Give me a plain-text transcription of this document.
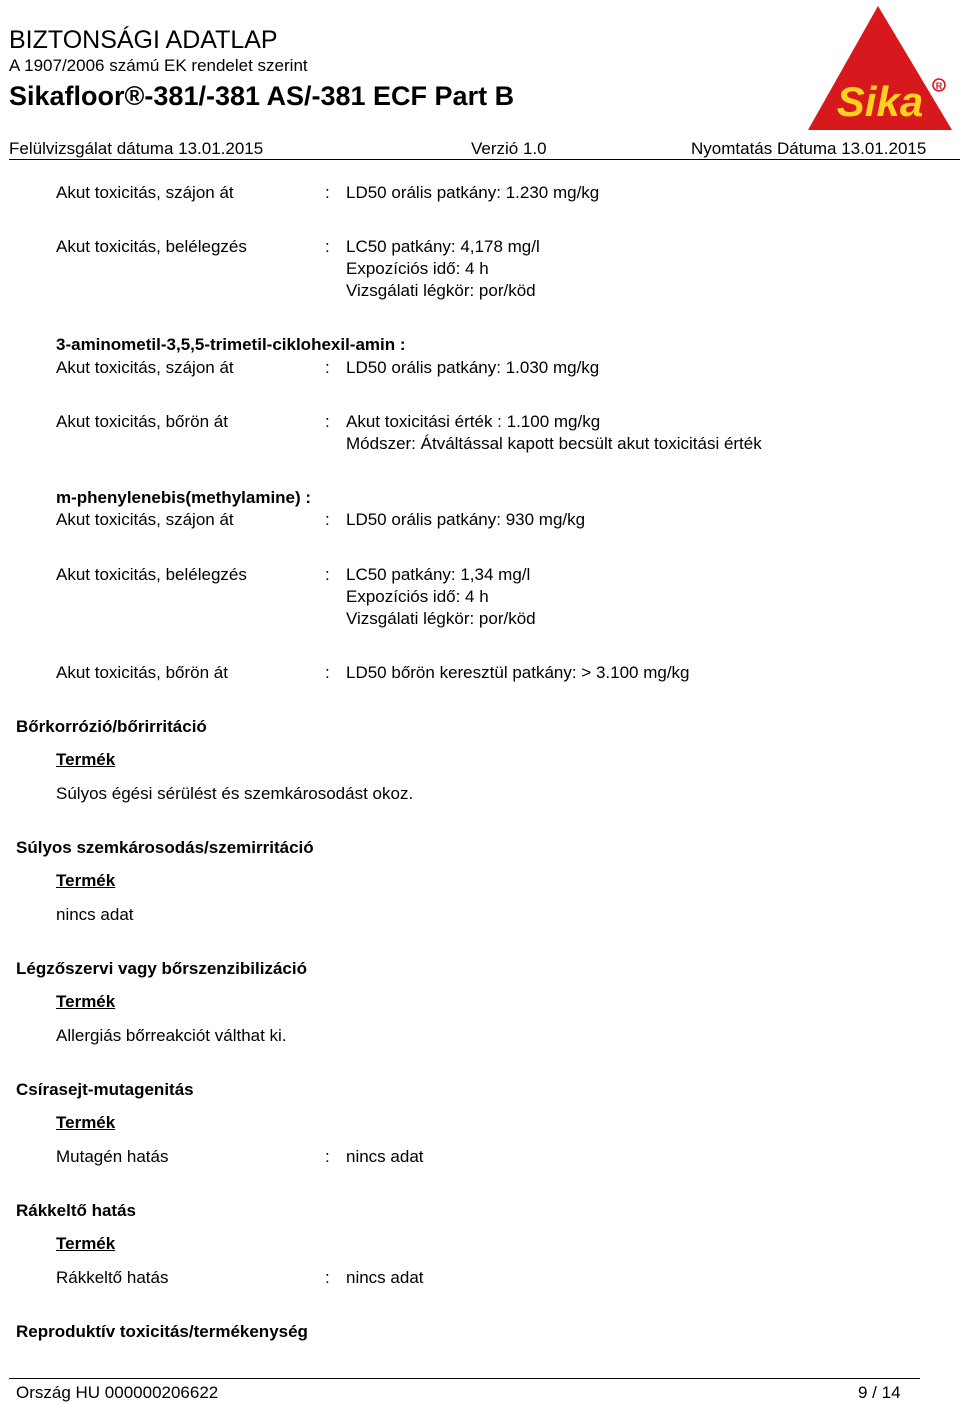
BIZTONSÁGI ADATLAP
A 1907/2006 számú EK rendelet szerint
Sikafloor®-381/-381 AS/-381 ECF Part B
Felülvizsgálat dátuma 13.01.2015	Verzió 1.0	Nyomtatás Dátuma 13.01.2015
Sika R
Akut toxicitás, szájon át	: LD50 orális patkány: 1.230 mg/kg
Akut toxicitás, belélegzés	: LC50 patkány: 4,178 mg/l
Expozíciós idő: 4 h
Vizsgálati légkör: por/köd
3-aminometil-3,5,5-trimetil-ciklohexil-amin :
Akut toxicitás, szájon át	: LD50 orális patkány: 1.030 mg/kg
Akut toxicitás, bőrön át	: Akut toxicitási érték : 1.100 mg/kg
Módszer: Átváltással kapott becsült akut toxicitási érték
m-phenylenebis(methylamine) :
Akut toxicitás, szájon át	: LD50 orális patkány: 930 mg/kg
Akut toxicitás, belélegzés	: LC50 patkány: 1,34 mg/l
Expozíciós idő: 4 h
Vizsgálati légkör: por/köd
Akut toxicitás, bőrön át	: LD50 bőrön keresztül patkány: > 3.100 mg/kg
Bőrkorrózió/bőrirritáció
Termék
Súlyos égési sérülést és szemkárosodást okoz.
Súlyos szemkárosodás/szemirritáció
Termék
nincs adat
Légzőszervi vagy bőrszenzibilizáció
Termék
Allergiás bőrreakciót válthat ki.
Csírasejt-mutagenitás
Termék
Mutagén hatás	: nincs adat
Rákkeltő hatás
Termék
Rákkeltő hatás	: nincs adat
Reproduktív toxicitás/termékenység
Ország HU 000000206622	9 / 14
